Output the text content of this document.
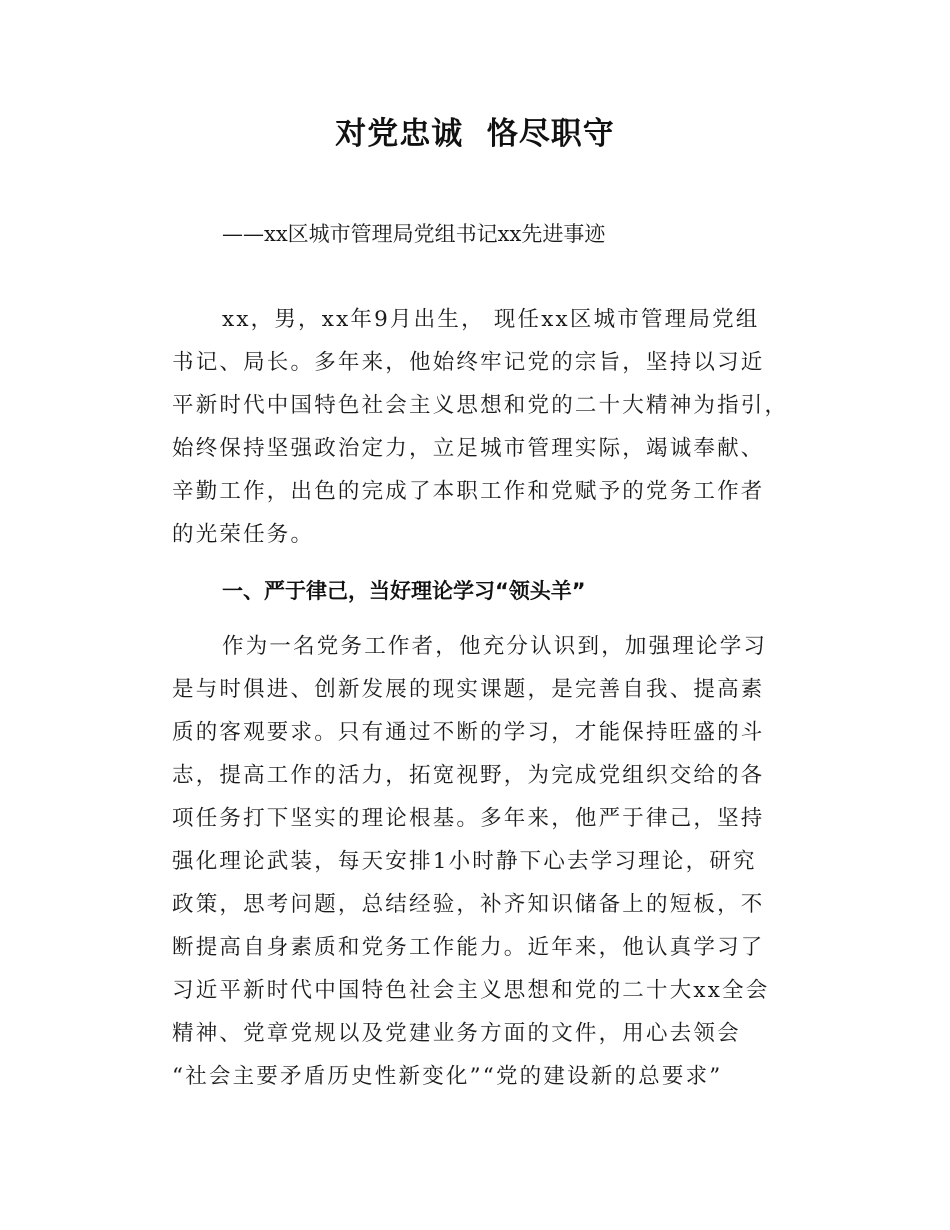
对党忠诚  恪尽职守
——xx区城市管理局党组书记xx先进事迹
xx，男，xx年9月出生， 现任xx区城市管理局党组
书记、局长。多年来，他始终牢记党的宗旨，坚持以习近
平新时代中国特色社会主义思想和党的二十大精神为指引，
始终保持坚强政治定力，立足城市管理实际，竭诚奉献、
辛勤工作，出色的完成了本职工作和党赋予的党务工作者
的光荣任务。
一、严于律己，当好理论学习“领头羊”
作为一名党务工作者，他充分认识到，加强理论学习
是与时俱进、创新发展的现实课题，是完善自我、提高素
质的客观要求。只有通过不断的学习，才能保持旺盛的斗
志，提高工作的活力，拓宽视野，为完成党组织交给的各
项任务打下坚实的理论根基。多年来，他严于律己，坚持
强化理论武装，每天安排1小时静下心去学习理论，研究
政策，思考问题，总结经验，补齐知识储备上的短板，不
断提高自身素质和党务工作能力。近年来，他认真学习了
习近平新时代中国特色社会主义思想和党的二十大xx全会
精神、党章党规以及党建业务方面的文件，用心去领会
“社会主要矛盾历史性新变化”“党的建设新的总要求”
